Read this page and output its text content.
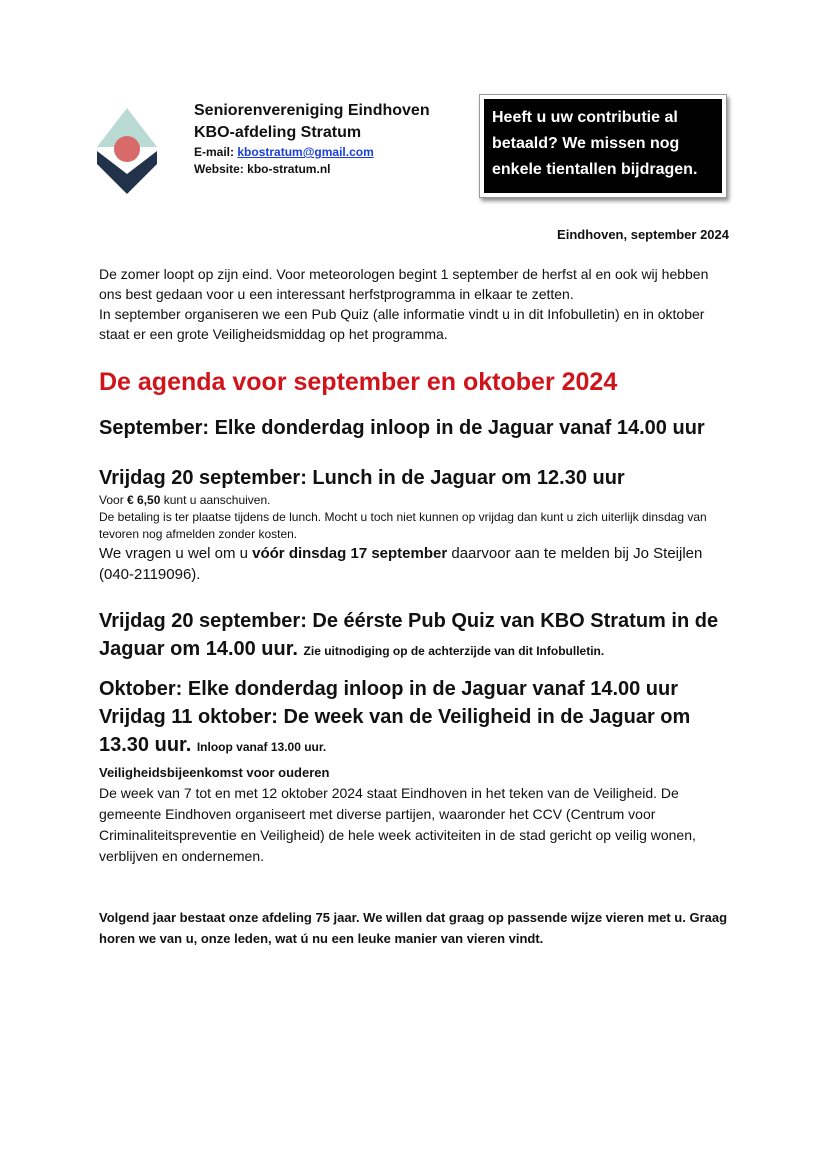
Seniorenvereniging Eindhoven
KBO-afdeling Stratum
E-mail: kbostratum@gmail.com
Website: kbo-stratum.nl
Heeft u uw contributie al betaald? We missen nog enkele tientallen bijdragen.
Eindhoven, september 2024

De zomer loopt op zijn eind. Voor meteorologen begint 1 september de herfst al en ook wij hebben ons best gedaan voor u een interessant herfstprogramma in elkaar te zetten.

In september organiseren we een Pub Quiz (alle informatie vindt u in dit Infobulletin) en in oktober staat er een grote Veiligheidsmiddag op het programma.

De agenda voor september en oktober 2024
September: Elke donderdag inloop in de Jaguar vanaf 14.00 uur
Vrijdag 20 september: Lunch in de Jaguar om 12.30 uur

Voor € 6,50 kunt u aanschuiven.

De betaling is ter plaatse tijdens de lunch. Mocht u toch niet kunnen op vrijdag dan kunt u zich uiterlijk dinsdag van tevoren nog afmelden zonder kosten.

We vragen u wel om u vóór dinsdag 17 september daarvoor aan te melden bij Jo Steijlen (040-2119096).

Vrijdag 20 september: De éérste Pub Quiz van KBO Stratum in de Jaguar om 14.00 uur. Zie uitnodiging op de achterzijde van dit Infobulletin.

Oktober: Elke donderdag inloop in de Jaguar vanaf 14.00 uur

Vrijdag 11 oktober: De week van de Veiligheid in de Jaguar om 13.30 uur. Inloop vanaf 13.00 uur.

Veiligheidsbijeenkomst voor ouderen

De week van 7 tot en met 12 oktober 2024 staat Eindhoven in het teken van de Veiligheid. De gemeente Eindhoven organiseert met diverse partijen, waaronder het CCV (Centrum voor Criminaliteitspreventie en Veiligheid) de hele week activiteiten in de stad gericht op veilig wonen, verblijven en ondernemen.

Volgend jaar bestaat onze afdeling 75 jaar. We willen dat graag op passende wijze vieren met u. Graag horen we van u, onze leden, wat ú nu een leuke manier van vieren vindt.
